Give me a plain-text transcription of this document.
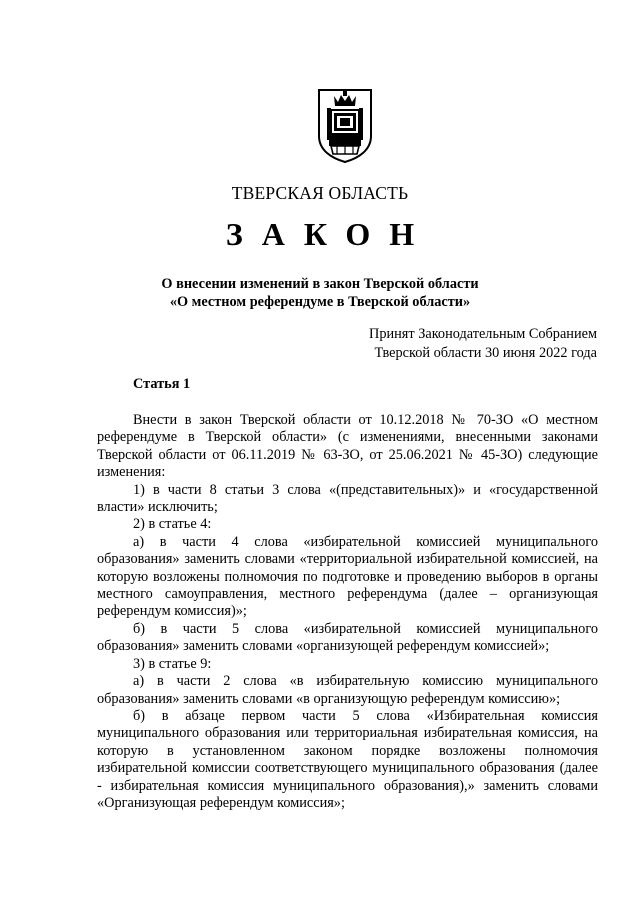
ТВЕРСКАЯ ОБЛАСТЬ
ЗАКОН
О внесении изменений в закон Тверской области
«О местном референдуме в Тверской области»
Принят Законодательным Собранием
Тверской области 30 июня 2022 года
Статья 1

Внести в закон Тверской области от 10.12.2018 № 70-ЗО «О местном референдуме в Тверской области» (с изменениями, внесенными законами Тверской области от 06.11.2019 № 63-ЗО, от 25.06.2021 № 45-ЗО) следующие изменения:

1) в части 8 статьи 3 слова «(представительных)» и «государственной власти» исключить;

2) в статье 4:

а) в части 4 слова «избирательной комиссией муниципального образования» заменить словами «территориальной избирательной комиссией, на которую возложены полномочия по подготовке и проведению выборов в органы местного самоуправления, местного референдума (далее – организующая референдум комиссия)»;

б) в части 5 слова «избирательной комиссией муниципального образования» заменить словами «организующей референдум комиссией»;

3) в статье 9:

а) в части 2 слова «в избирательную комиссию муниципального образования» заменить словами «в организующую референдум комиссию»;

б) в абзаце первом части 5 слова «Избирательная комиссия муниципального образования или территориальная избирательная комиссия, на которую в установленном законом порядке возложены полномочия избирательной комиссии соответствующего муниципального образования (далее - избирательная комиссия муниципального образования),» заменить словами «Организующая референдум комиссия»;
